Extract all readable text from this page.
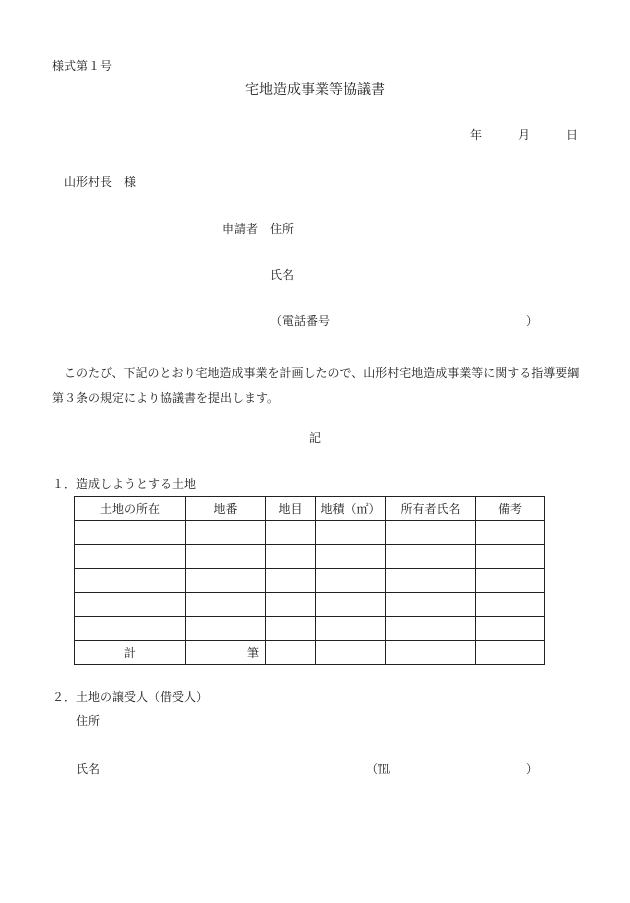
様式第１号
宅地造成事業等協議書
年	月	日
山形村長　様
申請者 住所
氏名
（電話番号	）
このたび、下記のとおり宅地造成事業を計画したので、山形村宅地造成事業等に関する指導要綱第３条の規定により協議書を提出します。
記
１．造成しようとする土地
土地の所在	地番	地目	地積（㎡）	所有者氏名	備考

計	筆				
２．土地の譲受人（借受人）
住所
氏名	（℡	）
